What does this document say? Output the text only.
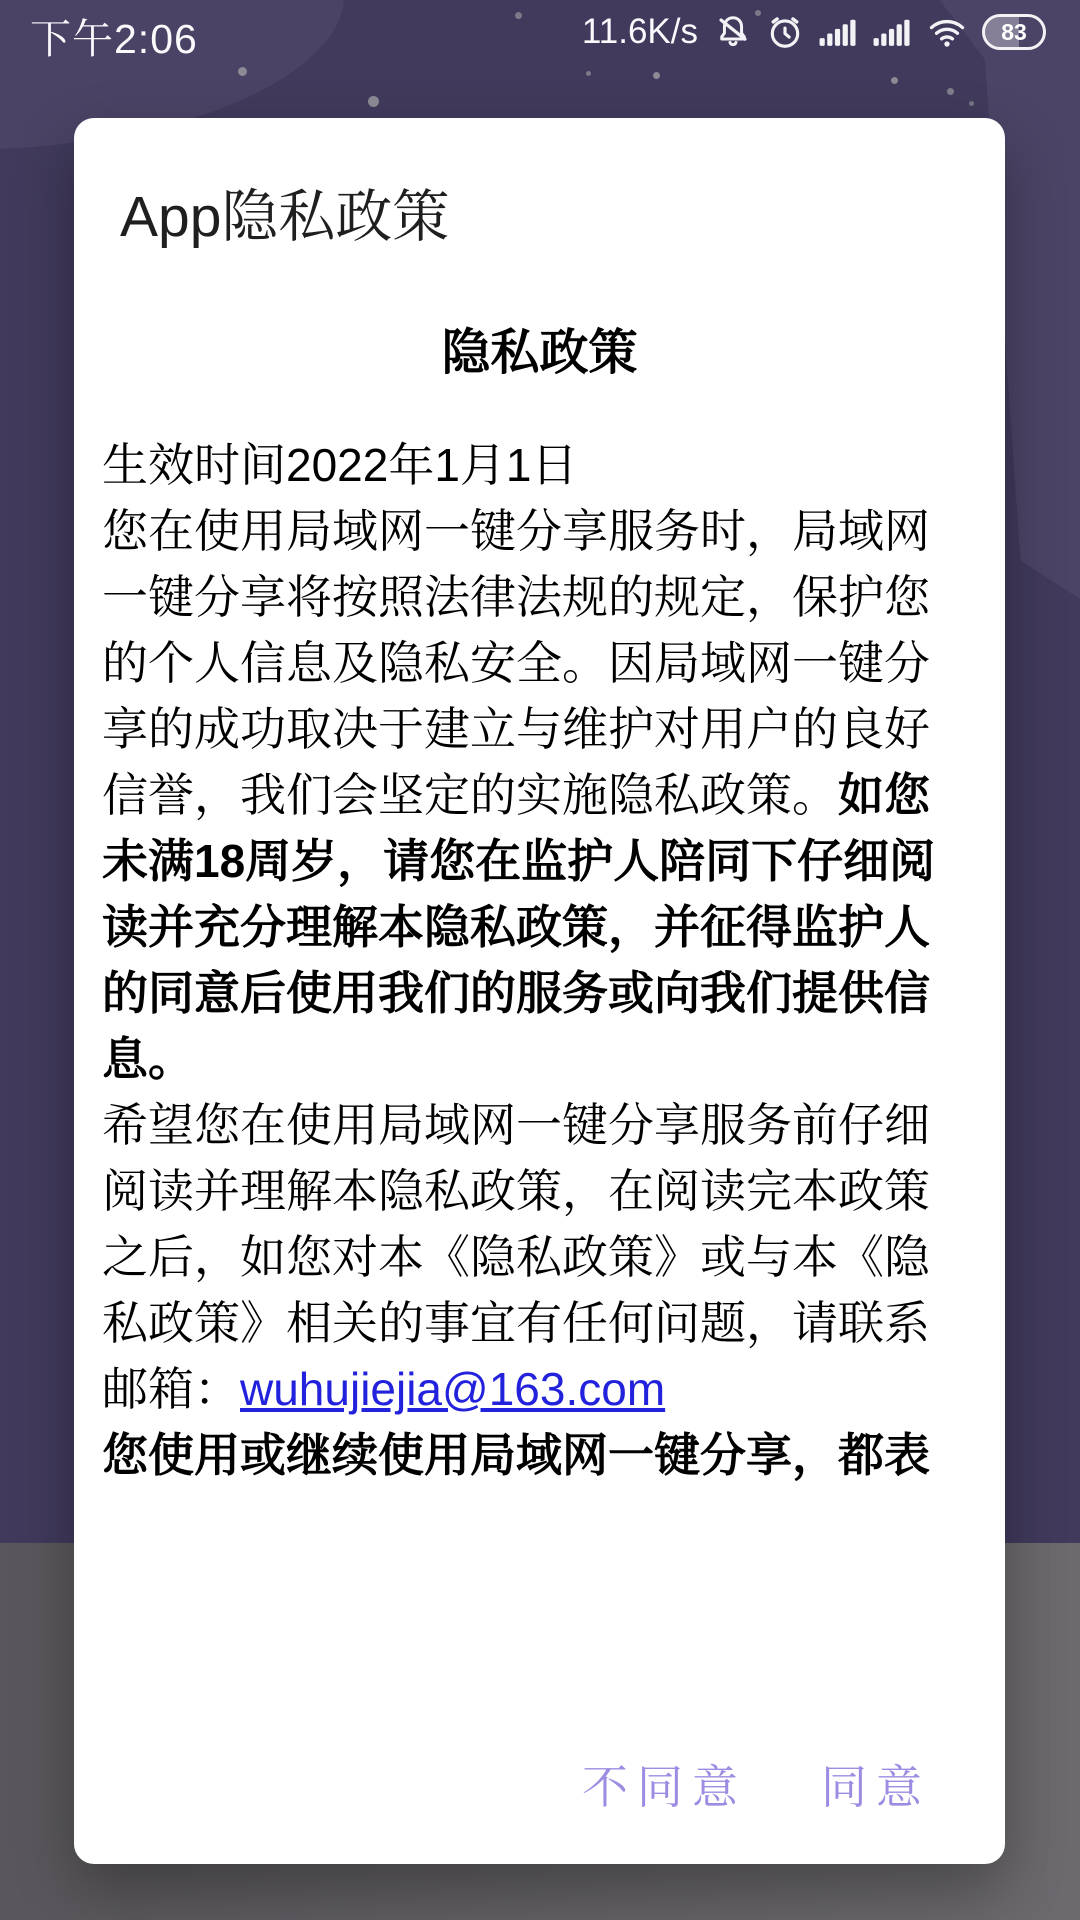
下午2:06	11.6K/s	83
App隐私政策
隐私政策

生效时间2022年1月1日

您在使用局域网一键分享服务时，局域网一键分享将按照法律法规的规定，保护您的个人信息及隐私安全。因局域网一键分享的成功取决于建立与维护对用户的良好信誉，我们会坚定的实施隐私政策。如您未满18周岁，请您在监护人陪同下仔细阅读并充分理解本隐私政策，并征得监护人的同意后使用我们的服务或向我们提供信息。

希望您在使用局域网一键分享服务前仔细阅读并理解本隐私政策，在阅读完本政策之后，如您对本《隐私政策》或与本《隐私政策》相关的事宜有任何问题，请联系邮箱：wuhujiejia@163.com

您使用或继续使用局域网一键分享，都表

不同意 同意
